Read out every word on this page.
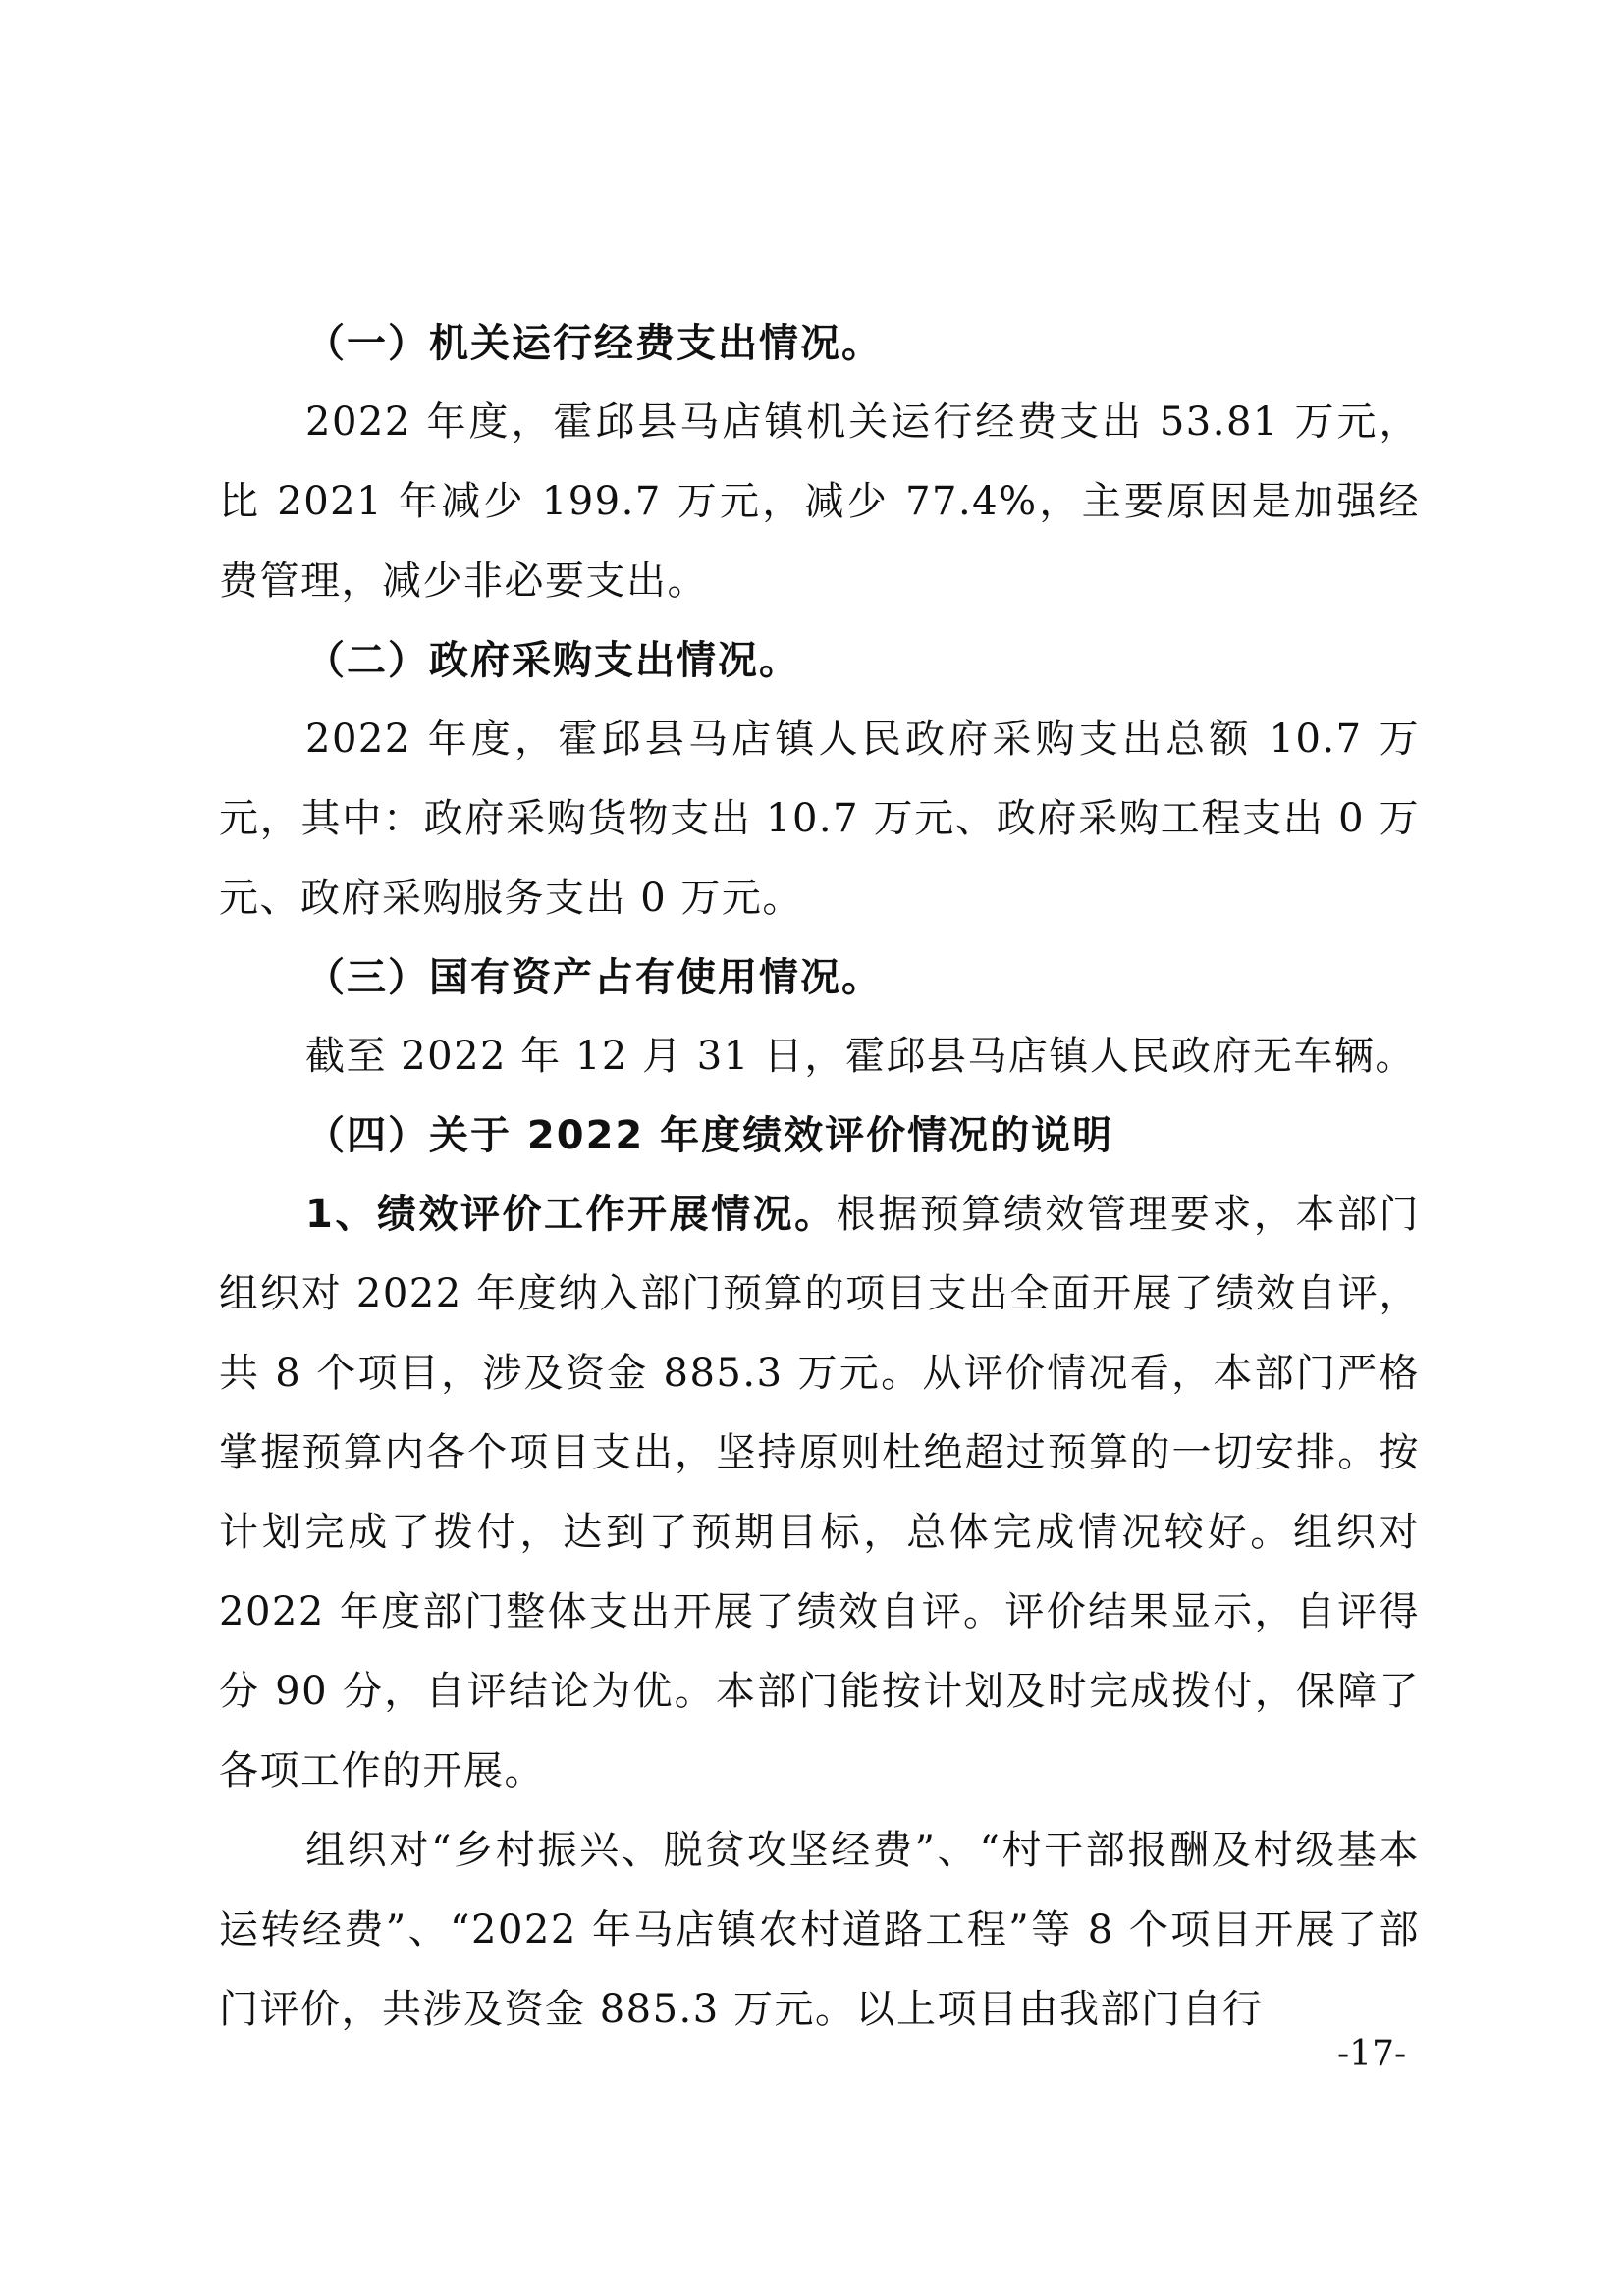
（一）机关运行经费支出情况。

2022 年度，霍邱县马店镇机关运行经费支出 53.81 万元，比 2021 年减少 199.7 万元，减少 77.4%，主要原因是加强经费管理，减少非必要支出。

（二）政府采购支出情况。

2022 年度，霍邱县马店镇人民政府采购支出总额 10.7 万元，其中：政府采购货物支出 10.7 万元、政府采购工程支出 0 万元、政府采购服务支出 0 万元。

（三）国有资产占有使用情况。

截至 2022 年 12 月 31 日，霍邱县马店镇人民政府无车辆。

（四）关于 2022 年度绩效评价情况的说明

1、绩效评价工作开展情况。根据预算绩效管理要求，本部门组织对 2022 年度纳入部门预算的项目支出全面开展了绩效自评，共 8 个项目，涉及资金 885.3 万元。从评价情况看，本部门严格掌握预算内各个项目支出，坚持原则杜绝超过预算的一切安排。按计划完成了拨付，达到了预期目标，总体完成情况较好。组织对 2022 年度部门整体支出开展了绩效自评。评价结果显示，自评得分 90 分，自评结论为优。本部门能按计划及时完成拨付，保障了各项工作的开展。

组织对“乡村振兴、脱贫攻坚经费”、“村干部报酬及村级基本运转经费”、“2022 年马店镇农村道路工程”等 8 个项目开展了部门评价，共涉及资金 885.3 万元。以上项目由我部门自行

-17-
